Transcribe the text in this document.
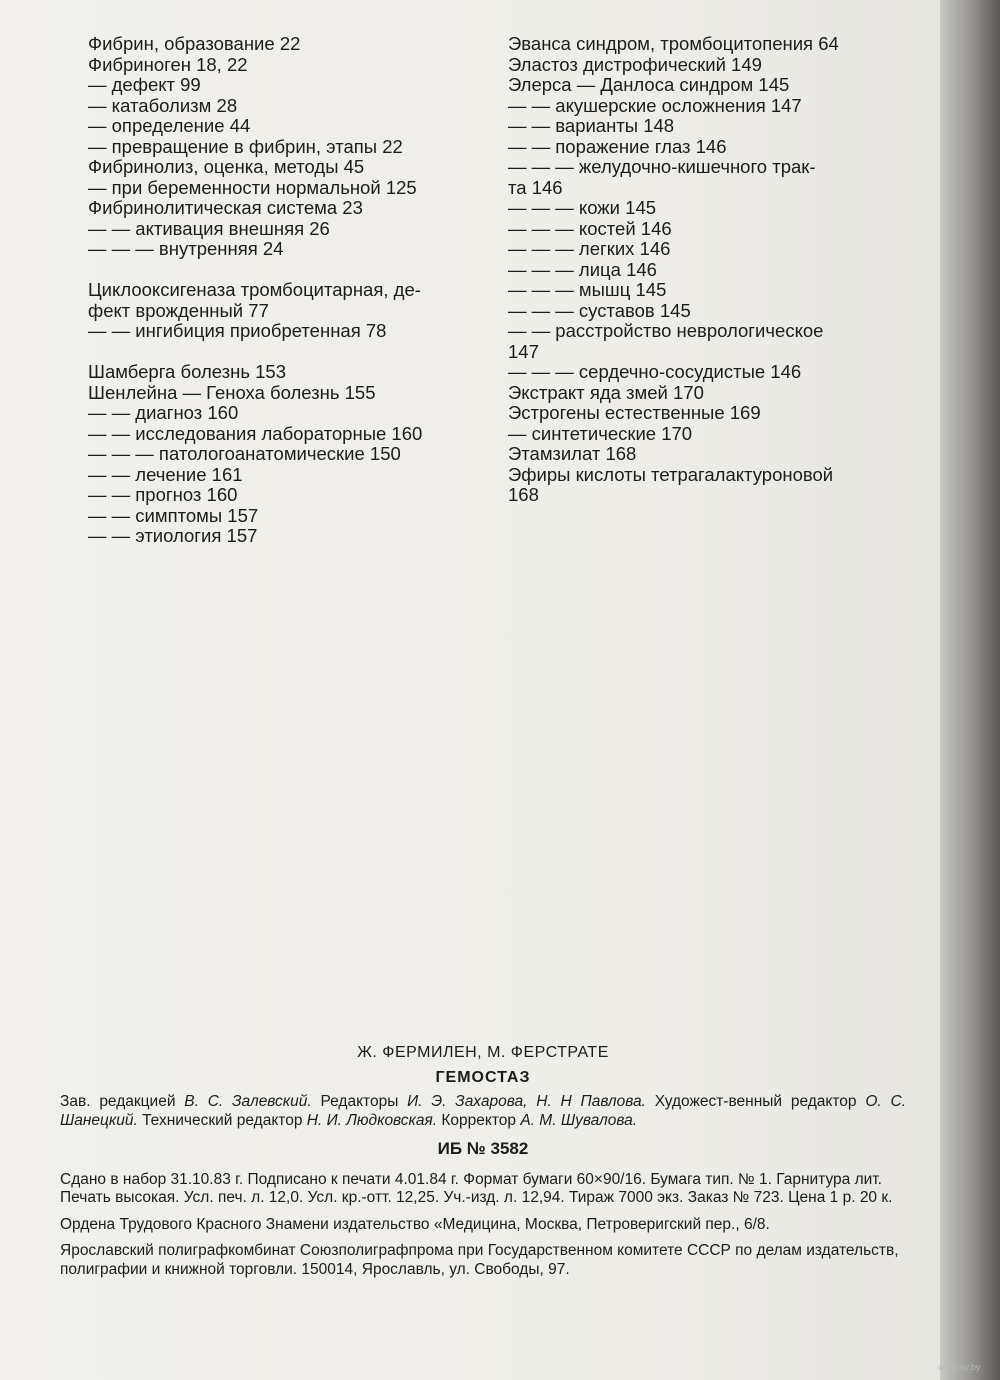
Фибрин, образование 22
Фибриноген 18, 22
— дефект 99
— катаболизм 28
— определение 44
— превращение в фибрин, этапы 22
Фибринолиз, оценка, методы 45
— при беременности нормальной 125
Фибринолитическая система 23
— — активация внешняя 26
— — — внутренняя 24
Циклооксигеназа тромбоцитарная, де-
фект врожденный 77
— — ингибиция приобретенная 78
Шамберга болезнь 153
Шенлейна — Геноха болезнь 155
— — диагноз 160
— — исследования лабораторные 160
— — — патологоанатомические 150
— — лечение 161
— — прогноз 160
— — симптомы 157
— — этиология 157
Эванса синдром, тромбоцитопения 64
Эластоз дистрофический 149
Элерса — Данлоса синдром 145
— — акушерские осложнения 147
— — варианты 148
— — поражение глаз 146
— — — желудочно-кишечного трак-
та 146
— — — кожи 145
— — — костей 146
— — — легких 146
— — — лица 146
— — — мышц 145
— — — суставов 145
— — расстройство неврологическое
147
— — — сердечно-сосудистые 146
Экстракт яда змей 170
Эстрогены естественные 169
— синтетические 170
Этамзилат 168
Эфиры кислоты тетрагалактуроновой
168
Ж. ФЕРМИЛЕН, М. ФЕРСТРАТЕ
ГЕМОСТАЗ
Зав. редакцией В. С. Залевский. Редакторы И. Э. Захарова, Н. Н Павлова. Художест-венный редактор О. С. Шанецкий. Технический редактор Н. И. Людковская. Корректор А. М. Шувалова.
ИБ № 3582
Сдано в набор 31.10.83 г. Подписано к печати 4.01.84 г. Формат бумаги 60×90/16. Бумага тип. № 1. Гарнитура лит. Печать высокая. Усл. печ. л. 12,0. Усл. кр.-отт. 12,25. Уч.-изд. л. 12,94. Тираж 7000 экз. Заказ № 723. Цена 1 р. 20 к.
Ордена Трудового Красного Знамени издательство «Медицина, Москва, Петроверигский пер., 6/8.
Ярославский полиграфкомбинат Союзполиграфпрома при Государственном комитете СССР по делам издательств, полиграфии и книжной торговли. 150014, Ярославль, ул. Свободы, 97.
www.ay.by
